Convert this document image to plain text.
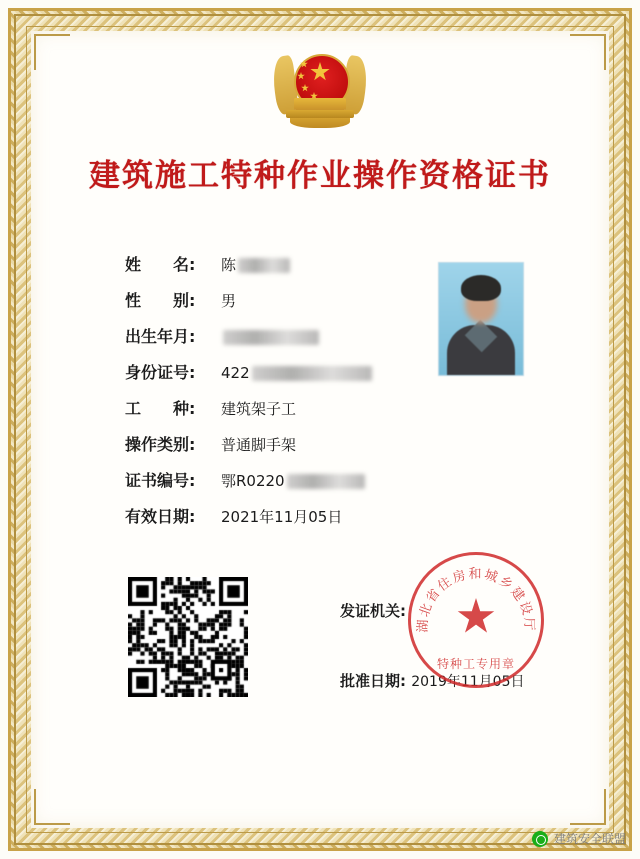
建筑施工特种作业操作资格证书
姓　　名:	陈
性　　别:	男
出生年月:
身份证号:	422
工　　种:	建筑架子工
操作类别:	普通脚手架
证书编号:	鄂R0220
有效日期:	2021年11月05日
发证机关:
批准日期: 2019年11月05日
湖北省住房和城乡建设厅
特种工专用章
建筑安全联盟
